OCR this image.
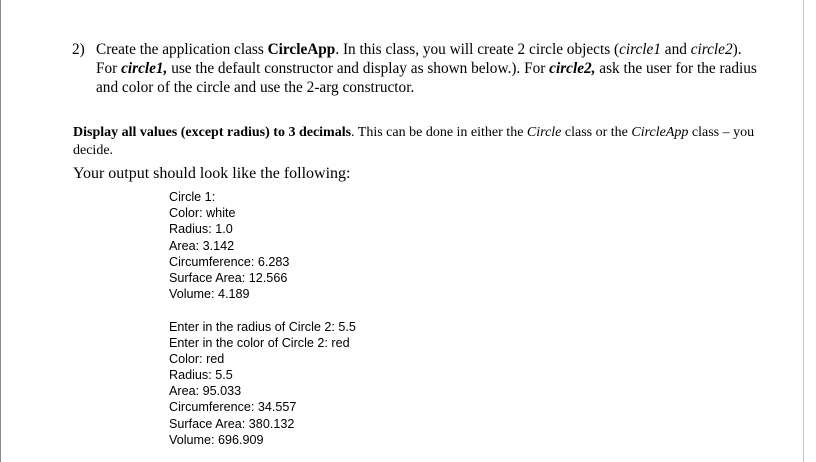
2) Create the application class CircleApp. In this class, you will create 2 circle objects (circle1 and circle2). For circle1, use the default constructor and display as shown below.). For circle2, ask the user for the radius and color of the circle and use the 2-arg constructor.
Display all values (except radius) to 3 decimals. This can be done in either the Circle class or the CircleApp class – you decide.
Your output should look like the following:
Circle 1:
Color: white
Radius: 1.0
Area: 3.142
Circumference: 6.283
Surface Area: 12.566
Volume: 4.189
Enter in the radius of Circle 2: 5.5
Enter in the color of Circle 2: red
Color: red
Radius: 5.5
Area: 95.033
Circumference: 34.557
Surface Area: 380.132
Volume: 696.909
